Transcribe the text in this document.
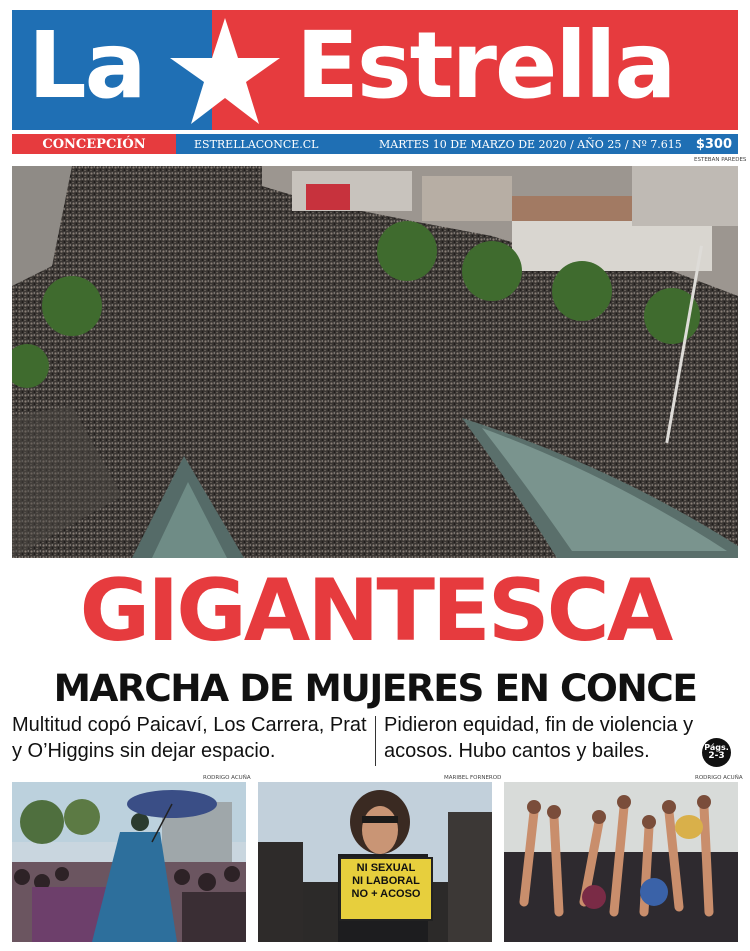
La Estrella
CONCEPCIÓN	ESTRELLACONCE.CL	MARTES 10 DE MARZO DE 2020 / AÑO 25 / Nº 7.615 $300
ESTEBAN PAREDES
GIGANTESCA
MARCHA DE MUJERES EN CONCE
Multitud copó Paicaví, Los Carrera, Prat y O’Higgins sin dejar espacio.
Pidieron equidad, fin de violencia y acosos. Hubo cantos y bailes.	Págs.
2-3
RODRIGO ACUÑA	MARIBEL FORNEROD	RODRIGO ACUÑA
NI SEXUAL
NI LABORAL
NO + ACOSO
